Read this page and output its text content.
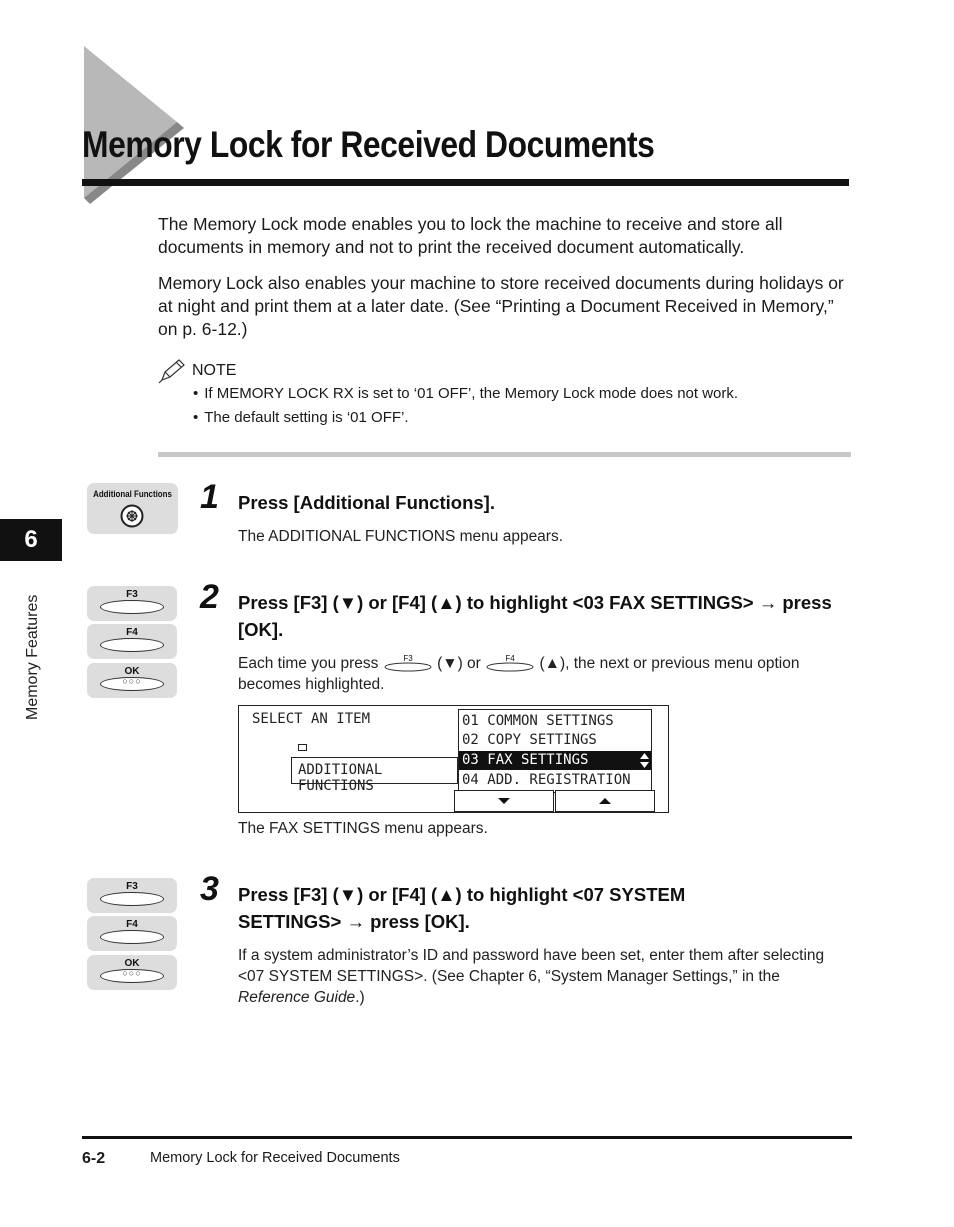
Memory Lock for Received Documents
The Memory Lock mode enables you to lock the machine to receive and store all documents in memory and not to print the received document automatically.
Memory Lock also enables your machine to store received documents during holidays or at night and print them at a later date. (See “Printing a Document Received in Memory,” on p. 6-12.)
NOTE
• If MEMORY LOCK RX is set to ‘01 OFF’, the Memory Lock mode does not work.
• The default setting is ‘01 OFF’.
6
Memory Features
Additional Functions 1 Press [Additional Functions].
The ADDITIONAL FUNCTIONS menu appears.
F3
F4
OK
○○○
2 Press [F3] (▼) or [F4] (▲) to highlight <03 FAX SETTINGS> → press [OK].
Each time you press	F3 (▼) or	F4 (▲), the next or previous menu option becomes highlighted.
SELECT AN ITEM
ADDITIONAL FUNCTIONS
01 COMMON SETTINGS
02 COPY SETTINGS
03 FAX SETTINGS
04 ADD. REGISTRATION
The FAX SETTINGS menu appears.
F3
F4
OK
○○○
3 Press [F3] (▼) or [F4] (▲) to highlight <07 SYSTEM SETTINGS> → press [OK].
If a system administrator’s ID and password have been set, enter them after selecting <07 SYSTEM SETTINGS>. (See Chapter 6, “System Manager Settings,” in the Reference Guide.)
6-2	Memory Lock for Received Documents
